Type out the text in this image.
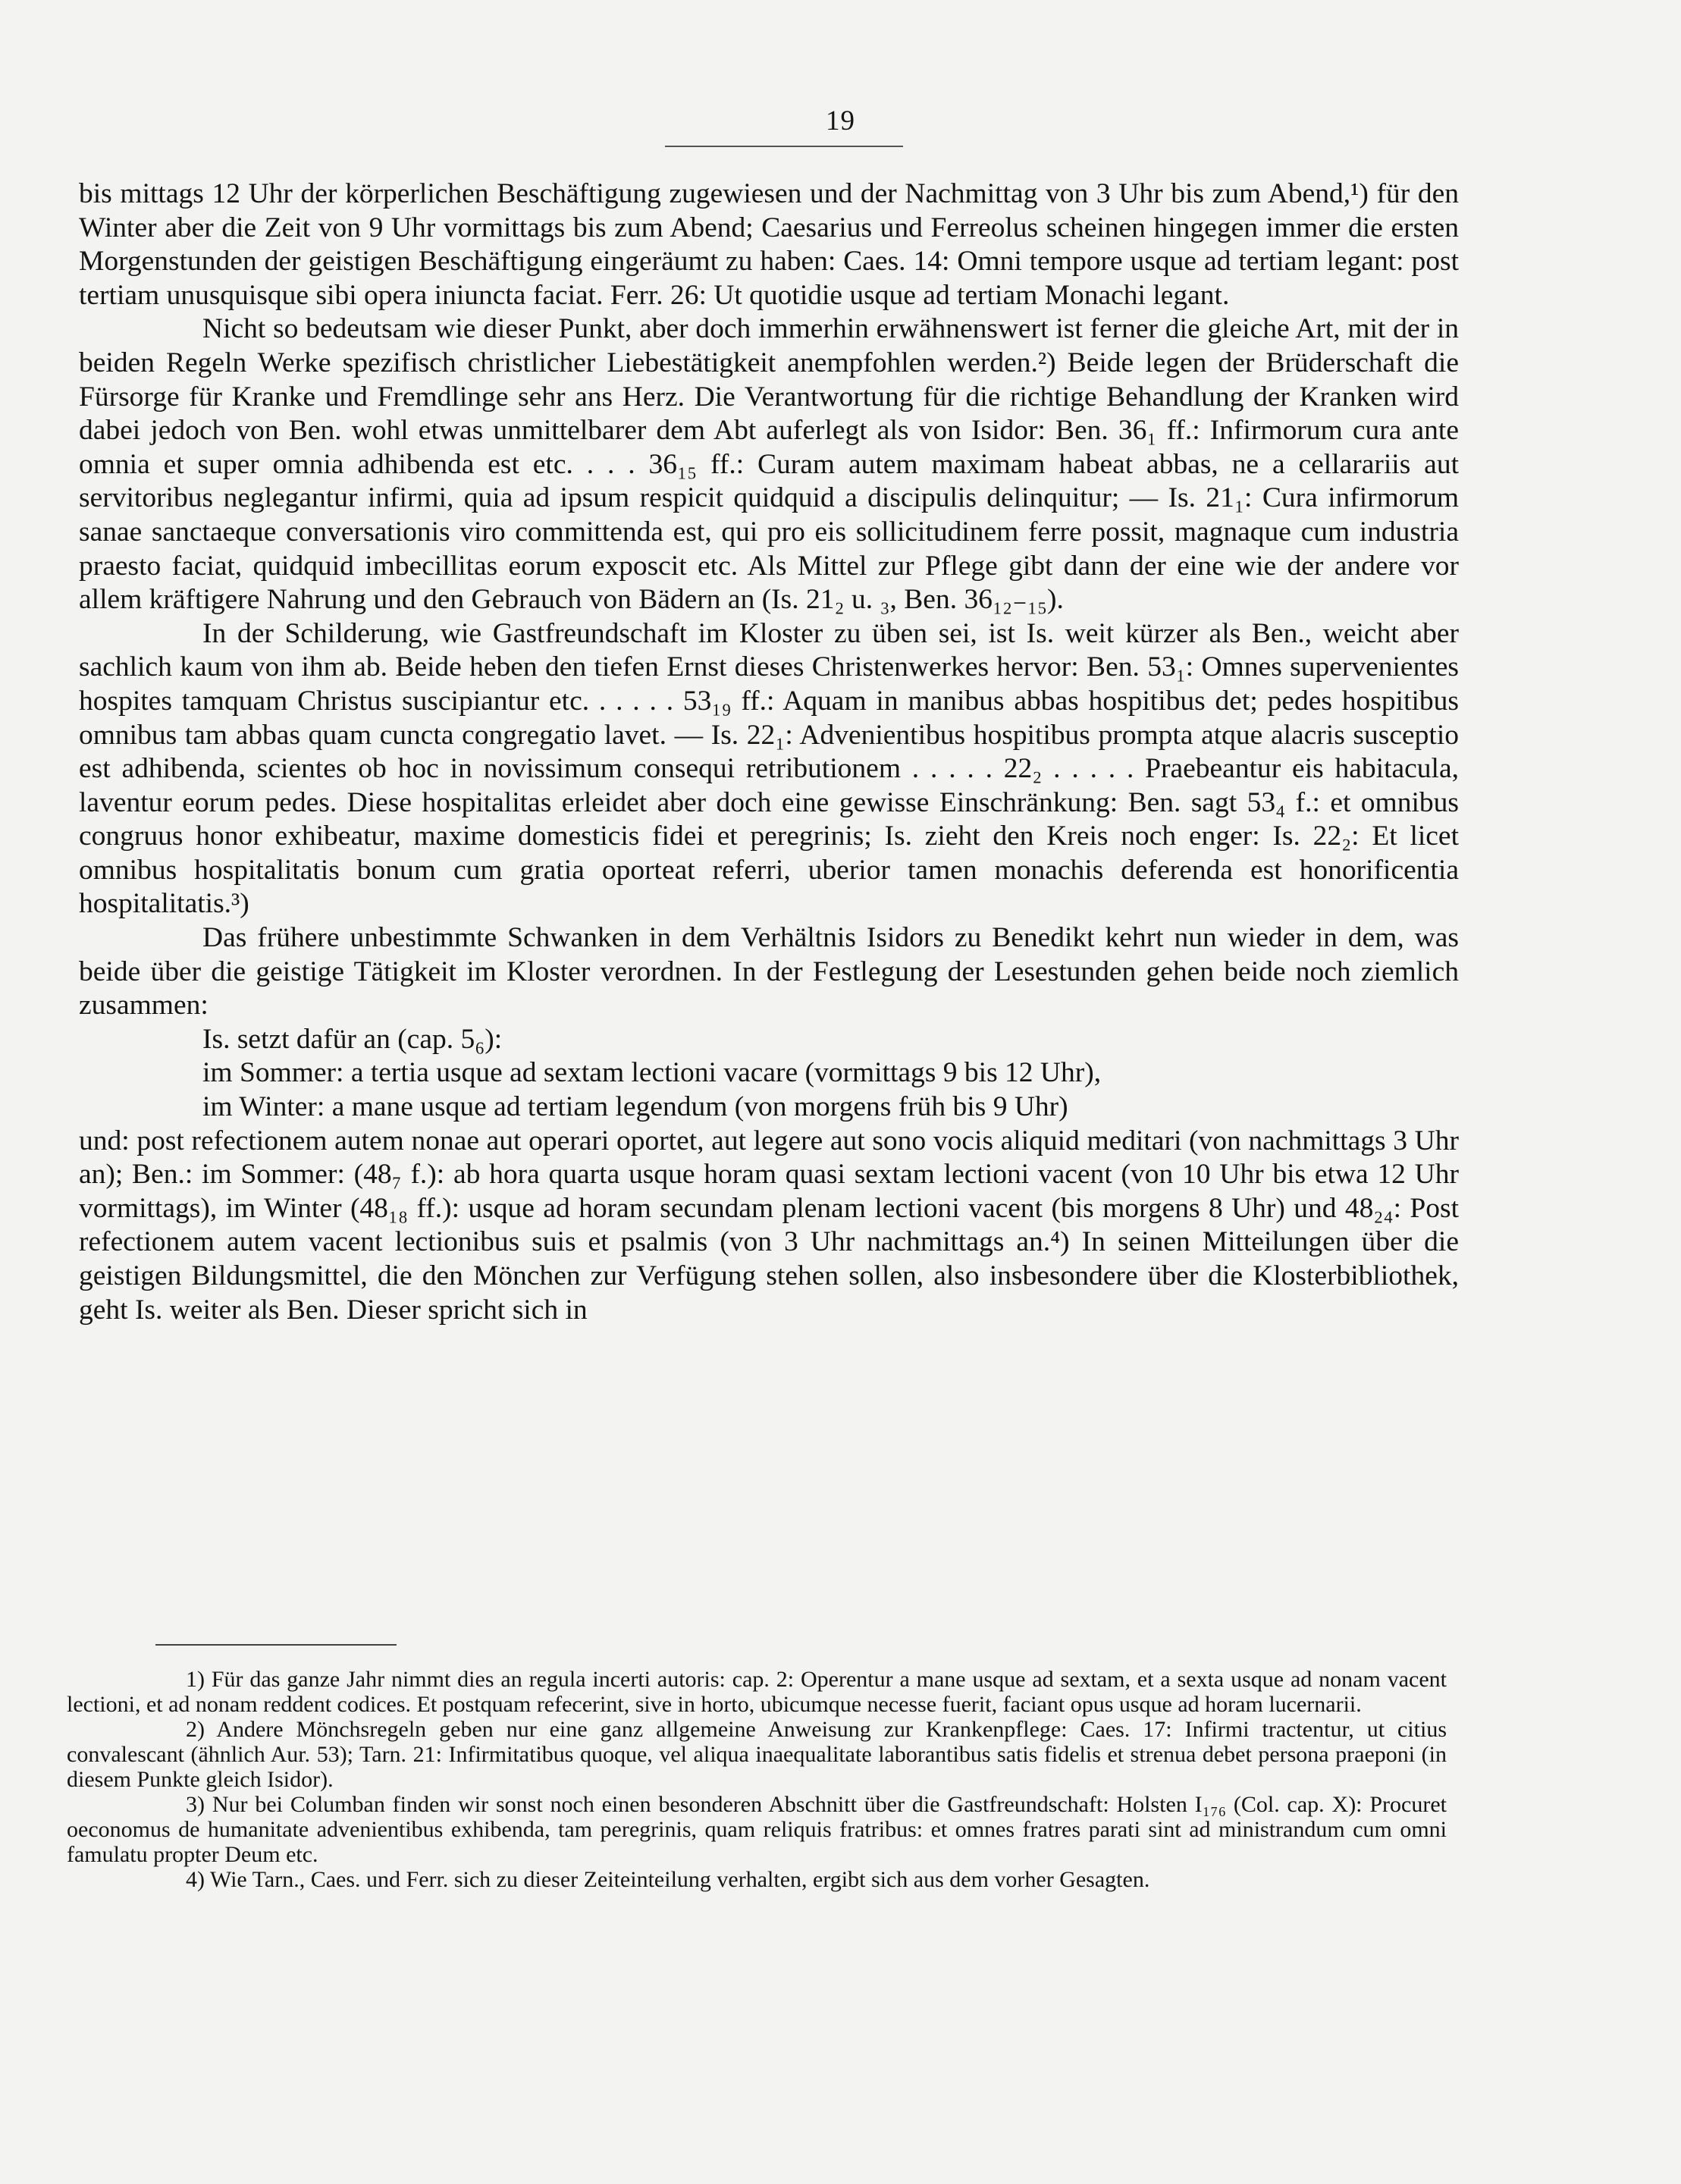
19

bis mittags 12 Uhr der körperlichen Beschäftigung zugewiesen und der Nachmittag von 3 Uhr bis zum Abend,¹) für den Winter aber die Zeit von 9 Uhr vormittags bis zum Abend; Caesarius und Ferreolus scheinen hingegen immer die ersten Morgenstunden der geistigen Beschäftigung eingeräumt zu haben: Caes. 14: Omni tempore usque ad tertiam legant: post tertiam unusquisque sibi opera iniuncta faciat. Ferr. 26: Ut quotidie usque ad tertiam Monachi legant.

Nicht so bedeutsam wie dieser Punkt, aber doch immerhin erwähnenswert ist ferner die gleiche Art, mit der in beiden Regeln Werke spezifisch christlicher Liebestätigkeit anempfohlen werden.²) Beide legen der Brüderschaft die Fürsorge für Kranke und Fremdlinge sehr ans Herz. Die Verantwortung für die richtige Behandlung der Kranken wird dabei jedoch von Ben. wohl etwas unmittelbarer dem Abt auferlegt als von Isidor: Ben. 36₁ ff.: Infirmorum cura ante omnia et super omnia adhibenda est etc. . . . 36₁₅ ff.: Curam autem maximam habeat abbas, ne a cellarariis aut servitoribus neglegantur infirmi, quia ad ipsum respicit quidquid a discipulis delinquitur; — Is. 21₁: Cura infirmorum sanae sanctaeque conversationis viro committenda est, qui pro eis sollicitudinem ferre possit, magnaque cum industria praesto faciat, quidquid imbecillitas eorum exposcit etc. Als Mittel zur Pflege gibt dann der eine wie der andere vor allem kräftigere Nahrung und den Gebrauch von Bädern an (Is. 21₂ u. ₃, Ben. 36₁₂₋₁₅).

In der Schilderung, wie Gastfreundschaft im Kloster zu üben sei, ist Is. weit kürzer als Ben., weicht aber sachlich kaum von ihm ab. Beide heben den tiefen Ernst dieses Christenwerkes hervor: Ben. 53₁: Omnes supervenientes hospites tamquam Christus suscipiantur etc. . . . . . 53₁₉ ff.: Aquam in manibus abbas hospitibus det; pedes hospitibus omnibus tam abbas quam cuncta congregatio lavet. — Is. 22₁: Advenientibus hospitibus prompta atque alacris susceptio est adhibenda, scientes ob hoc in novissimum consequi retributionem . . . . . 22₂ . . . . . Praebeantur eis habitacula, laventur eorum pedes. Diese hospitalitas erleidet aber doch eine gewisse Einschränkung: Ben. sagt 53₄ f.: et omnibus congruus honor exhibeatur, maxime domesticis fidei et peregrinis; Is. zieht den Kreis noch enger: Is. 22₂: Et licet omnibus hospitalitatis bonum cum gratia oporteat referri, uberior tamen monachis deferenda est honorificentia hospitalitatis.³)

Das frühere unbestimmte Schwanken in dem Verhältnis Isidors zu Benedikt kehrt nun wieder in dem, was beide über die geistige Tätigkeit im Kloster verordnen. In der Festlegung der Lesestunden gehen beide noch ziemlich zusammen:

Is. setzt dafür an (cap. 5₆):

im Sommer: a tertia usque ad sextam lectioni vacare (vormittags 9 bis 12 Uhr),

im Winter: a mane usque ad tertiam legendum (von morgens früh bis 9 Uhr)

und: post refectionem autem nonae aut operari oportet, aut legere aut sono vocis aliquid meditari (von nachmittags 3 Uhr an); Ben.: im Sommer: (48₇ f.): ab hora quarta usque horam quasi sextam lectioni vacent (von 10 Uhr bis etwa 12 Uhr vormittags), im Winter (48₁₈ ff.): usque ad horam secundam plenam lectioni vacent (bis morgens 8 Uhr) und 48₂₄: Post refectionem autem vacent lectionibus suis et psalmis (von 3 Uhr nachmittags an.⁴) In seinen Mitteilungen über die geistigen Bildungsmittel, die den Mönchen zur Verfügung stehen sollen, also insbesondere über die Klosterbibliothek, geht Is. weiter als Ben. Dieser spricht sich in

1) Für das ganze Jahr nimmt dies an regula incerti autoris: cap. 2: Operentur a mane usque ad sextam, et a sexta usque ad nonam vacent lectioni, et ad nonam reddent codices. Et postquam refecerint, sive in horto, ubicumque necesse fuerit, faciant opus usque ad horam lucernarii.

2) Andere Mönchsregeln geben nur eine ganz allgemeine Anweisung zur Krankenpflege: Caes. 17: Infirmi tractentur, ut citius convalescant (ähnlich Aur. 53); Tarn. 21: Infirmitatibus quoque, vel aliqua inaequalitate laborantibus satis fidelis et strenua debet persona praeponi (in diesem Punkte gleich Isidor).

3) Nur bei Columban finden wir sonst noch einen besonderen Abschnitt über die Gastfreundschaft: Holsten I₁₇₆ (Col. cap. X): Procuret oeconomus de humanitate advenientibus exhibenda, tam peregrinis, quam reliquis fratribus: et omnes fratres parati sint ad ministrandum cum omni famulatu propter Deum etc.

4) Wie Tarn., Caes. und Ferr. sich zu dieser Zeiteinteilung verhalten, ergibt sich aus dem vorher Gesagten.
